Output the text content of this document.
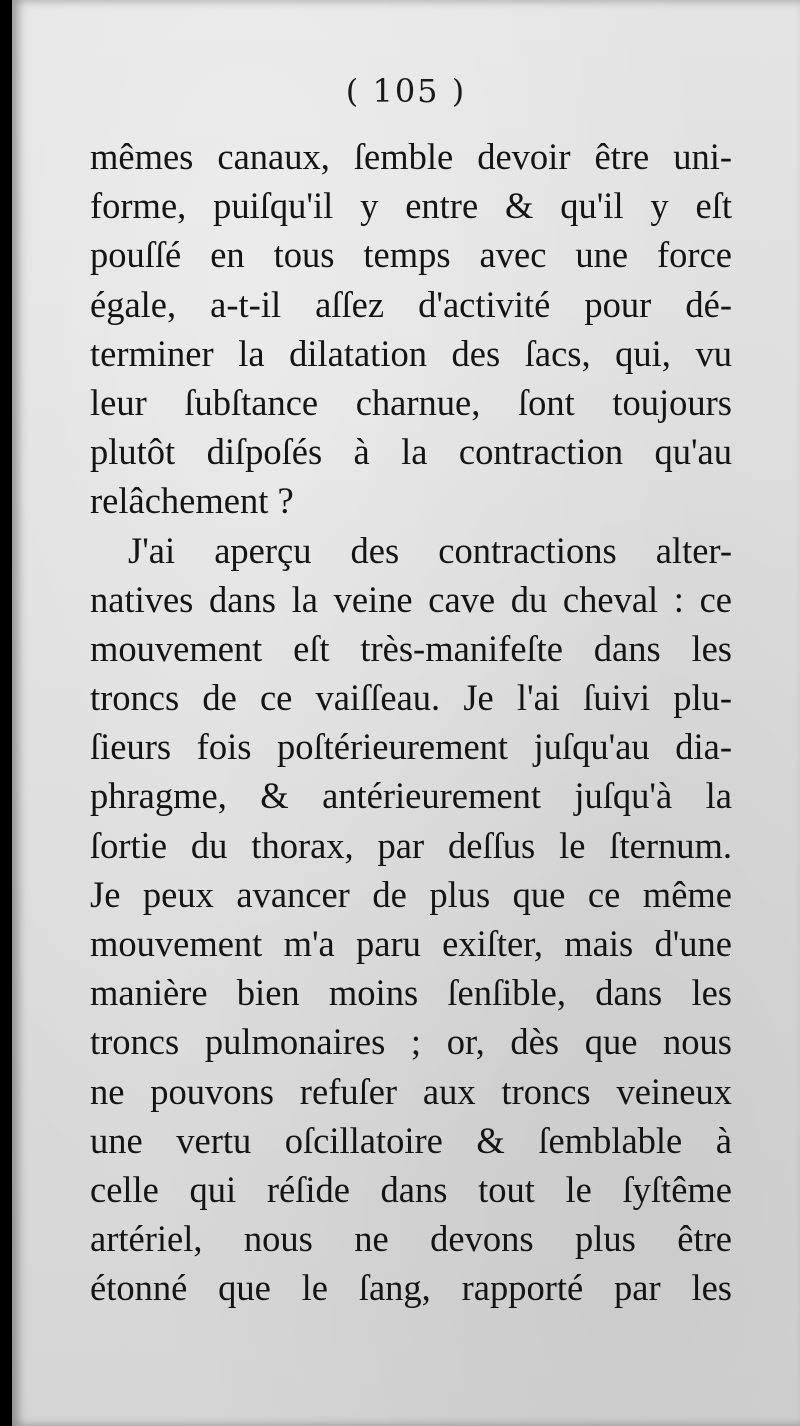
( 105 )
mêmes canaux, ſemble devoir être uni-
forme, puiſqu'il y entre & qu'il y eſt
pouſſé en tous temps avec une force
égale, a-t-il aſſez d'activité pour dé-
terminer la dilatation des ſacs, qui, vu
leur ſubſtance charnue, ſont toujours
plutôt diſpoſés à la contraction qu'au
relâchement ?
J'ai aperçu des contractions alter-
natives dans la veine cave du cheval : ce
mouvement eſt très-manifeſte dans les
troncs de ce vaiſſeau. Je l'ai ſuivi plu-
ſieurs fois poſtérieurement juſqu'au dia-
phragme, & antérieurement juſqu'à la
ſortie du thorax, par deſſus le ſternum.
Je peux avancer de plus que ce même
mouvement m'a paru exiſter, mais d'une
manière bien moins ſenſible, dans les
troncs pulmonaires ; or, dès que nous
ne pouvons refuſer aux troncs veineux
une vertu oſcillatoire & ſemblable à
celle qui réſide dans tout le ſyſtême
artériel, nous ne devons plus être
étonné que le ſang, rapporté par les
